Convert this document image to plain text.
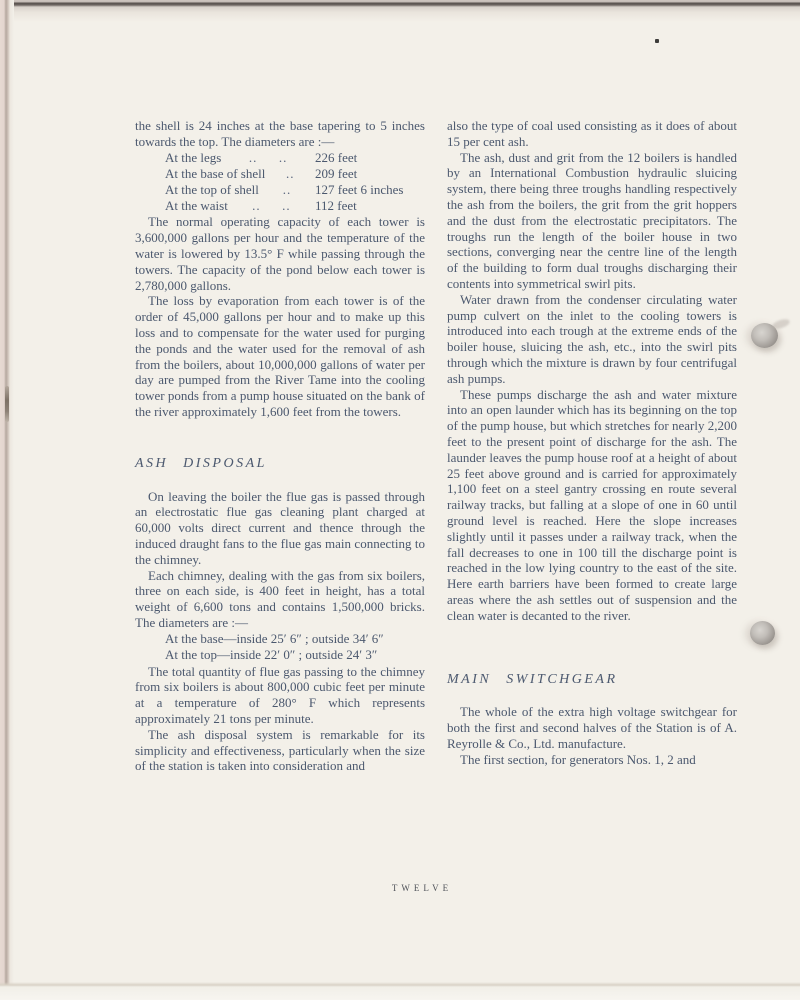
the shell is 24 inches at the base tapering to 5 inches towards the top. The diameters are :—

At the legs	..  ..	226 feet
At the base of shell	..	209 feet
At the top of shell	..	127 feet 6 inches
At the waist	..  ..	112 feet

The normal operating capacity of each tower is 3,600,000 gallons per hour and the temperature of the water is lowered by 13.5° F while passing through the towers. The capacity of the pond below each tower is 2,780,000 gallons.

The loss by evaporation from each tower is of the order of 45,000 gallons per hour and to make up this loss and to compensate for the water used for purging the ponds and the water used for the removal of ash from the boilers, about 10,000,000 gallons of water per day are pumped from the River Tame into the cooling tower ponds from a pump house situated on the bank of the river approximately 1,600 feet from the towers.

ASH DISPOSAL

On leaving the boiler the flue gas is passed through an electrostatic flue gas cleaning plant charged at 60,000 volts direct current and thence through the induced draught fans to the flue gas main connecting to the chimney.

Each chimney, dealing with the gas from six boilers, three on each side, is 400 feet in height, has a total weight of 6,600 tons and contains 1,500,000 bricks. The diameters are :—

At the base—inside 25′ 6″ ; outside 34′ 6″
At the top—inside 22′ 0″ ; outside 24′ 3″

The total quantity of flue gas passing to the chimney from six boilers is about 800,000 cubic feet per minute at a temperature of 280° F which represents approximately 21 tons per minute.

The ash disposal system is remarkable for its simplicity and effectiveness, particularly when the size of the station is taken into consideration and

also the type of coal used consisting as it does of about 15 per cent ash.

The ash, dust and grit from the 12 boilers is handled by an International Combustion hydraulic sluicing system, there being three troughs handling respectively the ash from the boilers, the grit from the grit hoppers and the dust from the electrostatic precipitators. The troughs run the length of the boiler house in two sections, converging near the centre line of the length of the building to form dual troughs discharging their contents into symmetrical swirl pits.

Water drawn from the condenser circulating water pump culvert on the inlet to the cooling towers is introduced into each trough at the extreme ends of the boiler house, sluicing the ash, etc., into the swirl pits through which the mixture is drawn by four centrifugal ash pumps.

These pumps discharge the ash and water mixture into an open launder which has its beginning on the top of the pump house, but which stretches for nearly 2,200 feet to the present point of discharge for the ash. The launder leaves the pump house roof at a height of about 25 feet above ground and is carried for approximately 1,100 feet on a steel gantry crossing en route several railway tracks, but falling at a slope of one in 60 until ground level is reached. Here the slope increases slightly until it passes under a railway track, when the fall decreases to one in 100 till the discharge point is reached in the low lying country to the east of the site. Here earth barriers have been formed to create large areas where the ash settles out of suspension and the clean water is decanted to the river.

MAIN SWITCHGEAR

The whole of the extra high voltage switchgear for both the first and second halves of the Station is of A. Reyrolle & Co., Ltd. manufacture.

The first section, for generators Nos. 1, 2 and

TWELVE
